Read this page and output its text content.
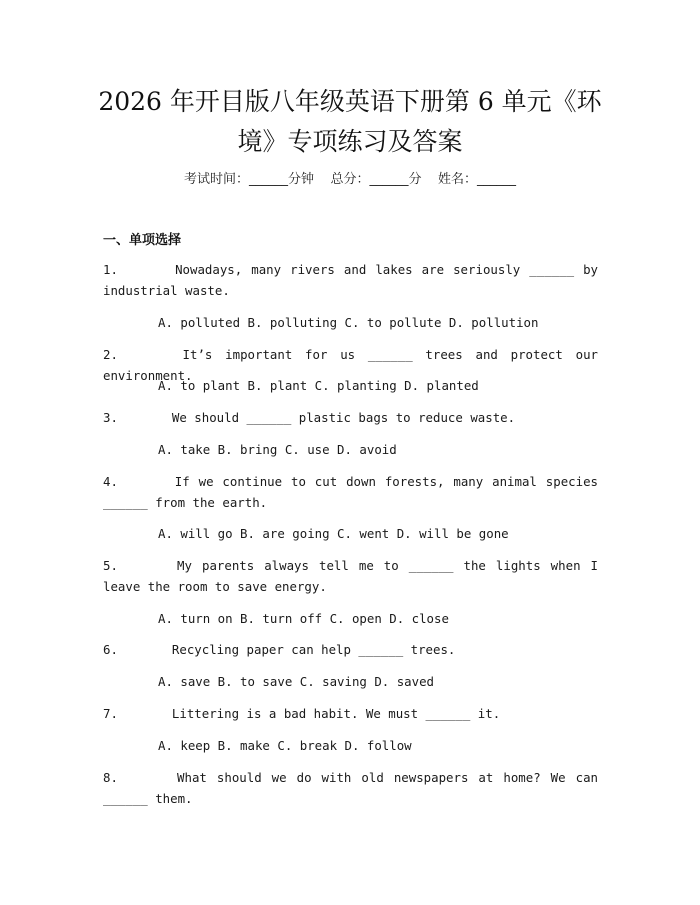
2026 年开目版八年级英语下册第 6 单元《环境》专项练习及答案
考试时间：______分钟    总分：______分    姓名：______
一、单项选择
1.	Nowadays, many rivers and lakes are seriously ______ by industrial waste.
A. polluted B. polluting C. to pollute D. pollution
2.	It’s important for us ______ trees and protect our environment.
A. to plant B. plant C. planting D. planted
3.	We should ______ plastic bags to reduce waste.
A. take B. bring C. use D. avoid
4.	If we continue to cut down forests, many animal species ______ from the earth.
A. will go B. are going C. went D. will be gone
5.	My parents always tell me to ______ the lights when I leave the room to save energy.
A. turn on B. turn off C. open D. close
6.	Recycling paper can help ______ trees.
A. save B. to save C. saving D. saved
7.	Littering is a bad habit. We must ______ it.
A. keep B. make C. break D. follow
8.	What should we do with old newspapers at home? We can ______ them.
